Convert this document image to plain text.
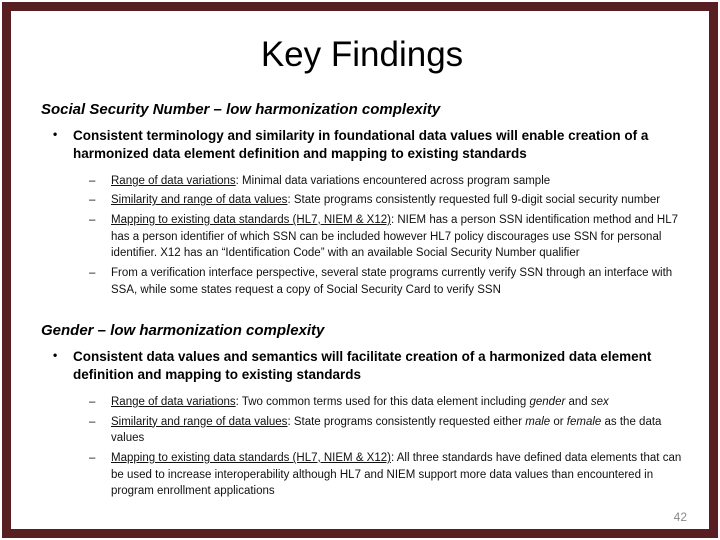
Key Findings
Social Security Number – low harmonization complexity
•	Consistent terminology and similarity in foundational data values will enable creation of a harmonized data element definition and mapping to existing standards
–	Range of data variations: Minimal data variations encountered across program sample
–	Similarity and range of data values: State programs consistently requested full 9-digit social security number
–	Mapping to existing data standards (HL7, NIEM & X12): NIEM has a person SSN identification method and HL7 has a person identifier of which SSN can be included however HL7 policy discourages use SSN for personal identifier. X12 has an “Identification Code” with an available Social Security Number qualifier
–	From a verification interface perspective, several state programs currently verify SSN through an interface with SSA, while some states request a copy of Social Security Card to verify SSN
Gender – low harmonization complexity
•	Consistent data values and semantics will facilitate creation of a harmonized data element definition and mapping to existing standards
–	Range of data variations: Two common terms used for this data element including gender and sex
–	Similarity and range of data values: State programs consistently requested either male or female as the data values
–	Mapping to existing data standards (HL7, NIEM & X12): All three standards have defined data elements that can be used to increase interoperability although HL7 and NIEM support more data values than encountered in program enrollment applications
42
